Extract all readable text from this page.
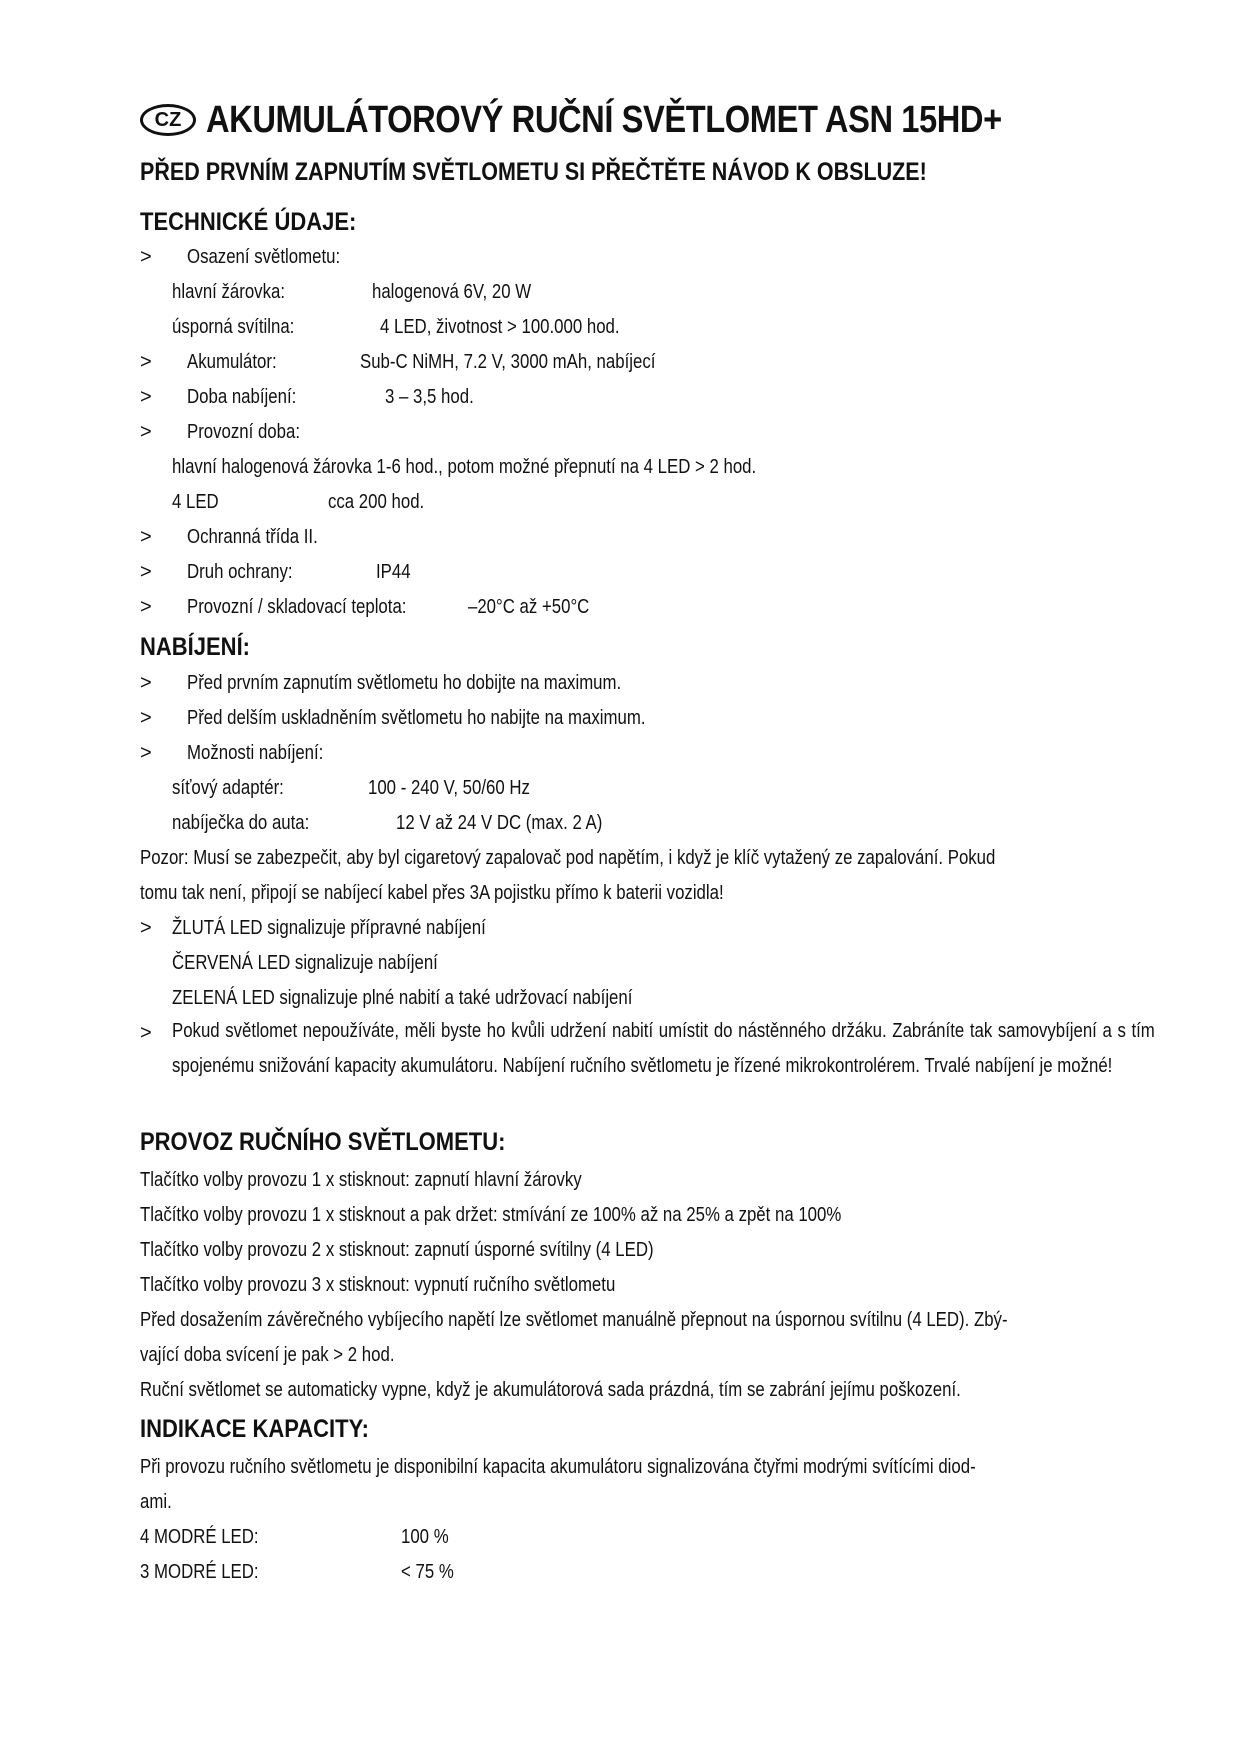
CZ AKUMULÁTOROVÝ RUČNÍ SVĚTLOMET ASN 15HD+
PŘED PRVNÍM ZAPNUTÍM SVĚTLOMETU SI PŘEČTĚTE NÁVOD K OBSLUZE!
TECHNICKÉ ÚDAJE:
> Osazení světlometu:
hlavní žárovka:	halogenová 6V, 20 W
úsporná svítilna:	4 LED, životnost > 100.000 hod.
> Akumulátor:	Sub-C NiMH, 7.2 V, 3000 mAh, nabíjecí
> Doba nabíjení:	3 – 3,5 hod.
> Provozní doba:
hlavní halogenová žárovka 1-6 hod., potom možné přepnutí na 4 LED > 2 hod.
4 LED	cca 200 hod.
> Ochranná třída II.
> Druh ochrany:	IP44
> Provozní / skladovací teplota:	–20°C až +50°C
NABÍJENÍ:
> Před prvním zapnutím světlometu ho dobijte na maximum.
> Před delším uskladněním světlometu ho nabijte na maximum.
> Možnosti nabíjení:
síťový adaptér:	100 - 240 V, 50/60 Hz
nabíječka do auta:	12 V až 24 V DC (max. 2 A)
Pozor: Musí se zabezpečit, aby byl cigaretový zapalovač pod napětím, i když je klíč vytažený ze zapalování. Pokud
tomu tak není, připojí se nabíjecí kabel přes 3A pojistku přímo k baterii vozidla!
> ŽLUTÁ LED signalizuje přípravné nabíjení
ČERVENÁ LED signalizuje nabíjení
ZELENÁ LED signalizuje plné nabití a také udržovací nabíjení
> Pokud světlomet nepoužíváte, měli byste ho kvůli udržení nabití umístit do nástěnného držáku. Zabráníte tak samovybíjení a s tím spojenému snižování kapacity akumulátoru. Nabíjení ručního světlometu je řízené mikrokontrolérem. Trvalé nabíjení je možné!
PROVOZ RUČNÍHO SVĚTLOMETU:
Tlačítko volby provozu 1 x stisknout: zapnutí hlavní žárovky
Tlačítko volby provozu 1 x stisknout a pak držet: stmívání ze 100% až na 25% a zpět na 100%
Tlačítko volby provozu 2 x stisknout: zapnutí úsporné svítilny (4 LED)
Tlačítko volby provozu 3 x stisknout: vypnutí ručního světlometu
Před dosažením závěrečného vybíjecího napětí lze světlomet manuálně přepnout na úspornou svítilnu (4 LED). Zbý-
vající doba svícení je pak > 2 hod.
Ruční světlomet se automaticky vypne, když je akumulátorová sada prázdná, tím se zabrání jejímu poškození.
INDIKACE KAPACITY:
Při provozu ručního světlometu je disponibilní kapacita akumulátoru signalizována čtyřmi modrými svítícími diod-
ami.
4 MODRÉ LED:	100 %
3 MODRÉ LED:	< 75 %
